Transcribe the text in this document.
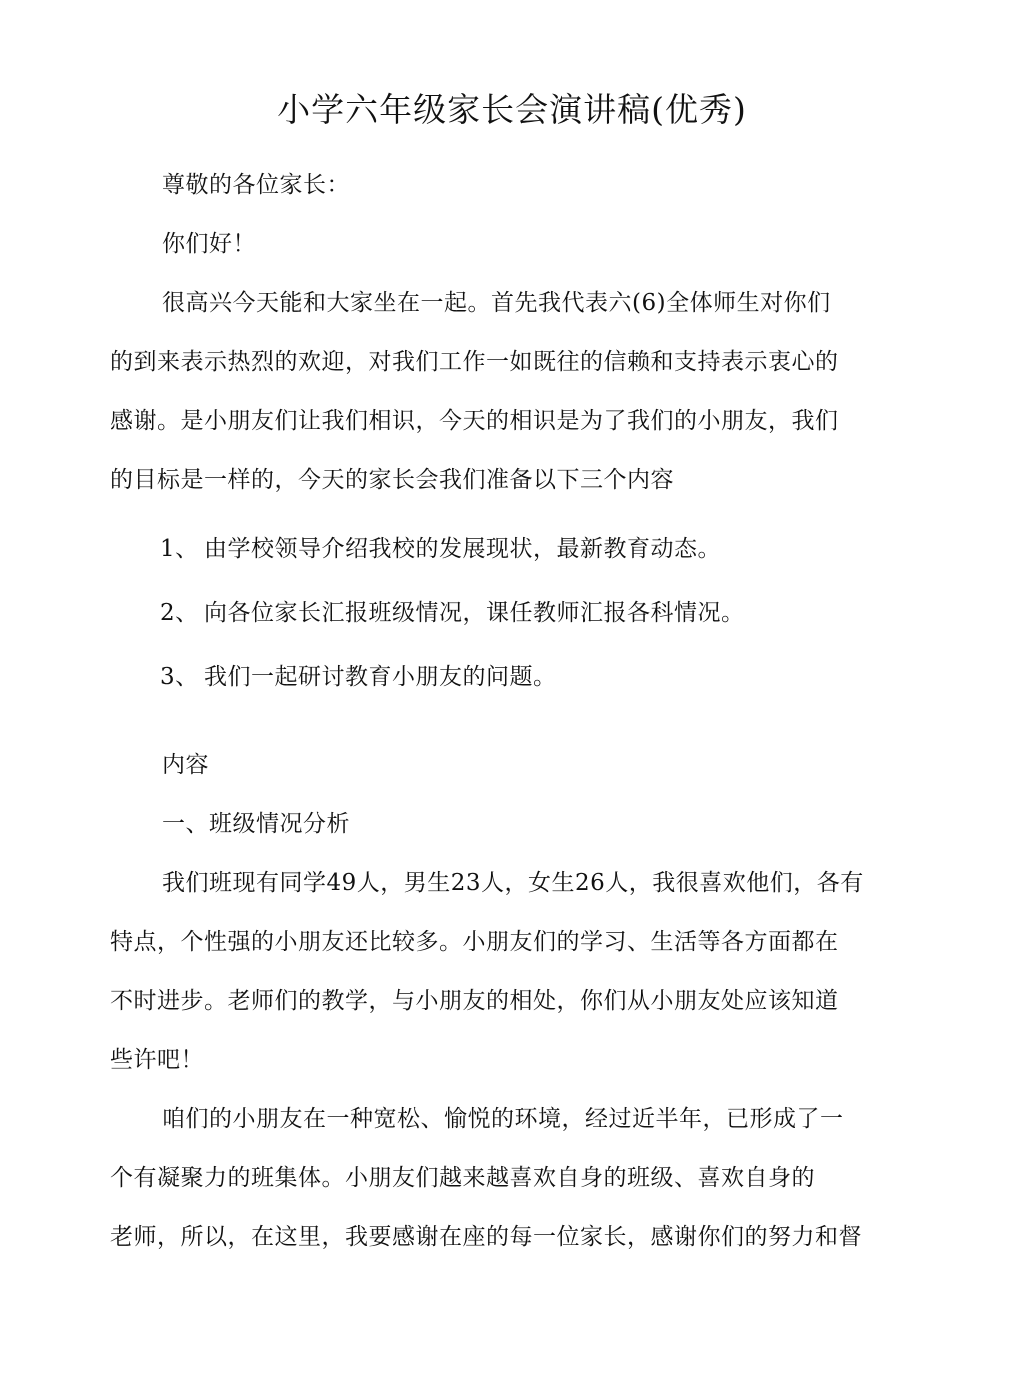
小学六年级家长会演讲稿(优秀)
尊敬的各位家长：
你们好！
很高兴今天能和大家坐在一起。首先我代表六(6)全体师生对你们
的到来表示热烈的欢迎，对我们工作一如既往的信赖和支持表示衷心的
感谢。是小朋友们让我们相识，今天的相识是为了我们的小朋友，我们
的目标是一样的，今天的家长会我们准备以下三个内容
1、 由学校领导介绍我校的发展现状，最新教育动态。
2、 向各位家长汇报班级情况，课任教师汇报各科情况。
3、 我们一起研讨教育小朋友的问题。
内容
一、班级情况分析
我们班现有同学49人，男生23人，女生26人，我很喜欢他们，各有
特点，个性强的小朋友还比较多。小朋友们的学习、生活等各方面都在
不时进步。老师们的教学，与小朋友的相处，你们从小朋友处应该知道
些许吧！
咱们的小朋友在一种宽松、愉悦的环境，经过近半年，已形成了一
个有凝聚力的班集体。小朋友们越来越喜欢自身的班级、喜欢自身的
老师，所以，在这里，我要感谢在座的每一位家长，感谢你们的努力和督
